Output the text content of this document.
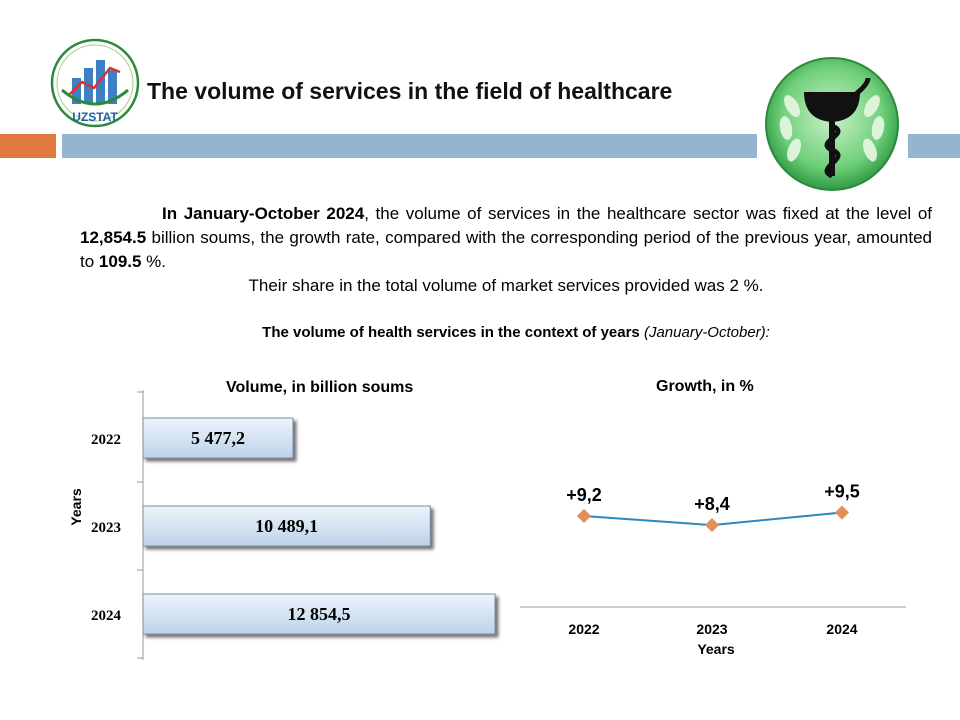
UZSTAT
The volume of services in the field of healthcare
In January-October 2024, the volume of services in the healthcare sector was fixed at the level of 12,854.5 billion soums, the growth rate, compared with the corresponding period of the previous year, amounted to 109.5 %.
Their share in the total volume of market services provided was 2 %.
The volume of health services in the context of years (January-October):
Volume, in billion soums
2022
2023
2024
5 477,2
10 489,1
12 854,5
Years
Growth, in %
+9,2
2022
+8,4
2023
+9,5
2024
Years
